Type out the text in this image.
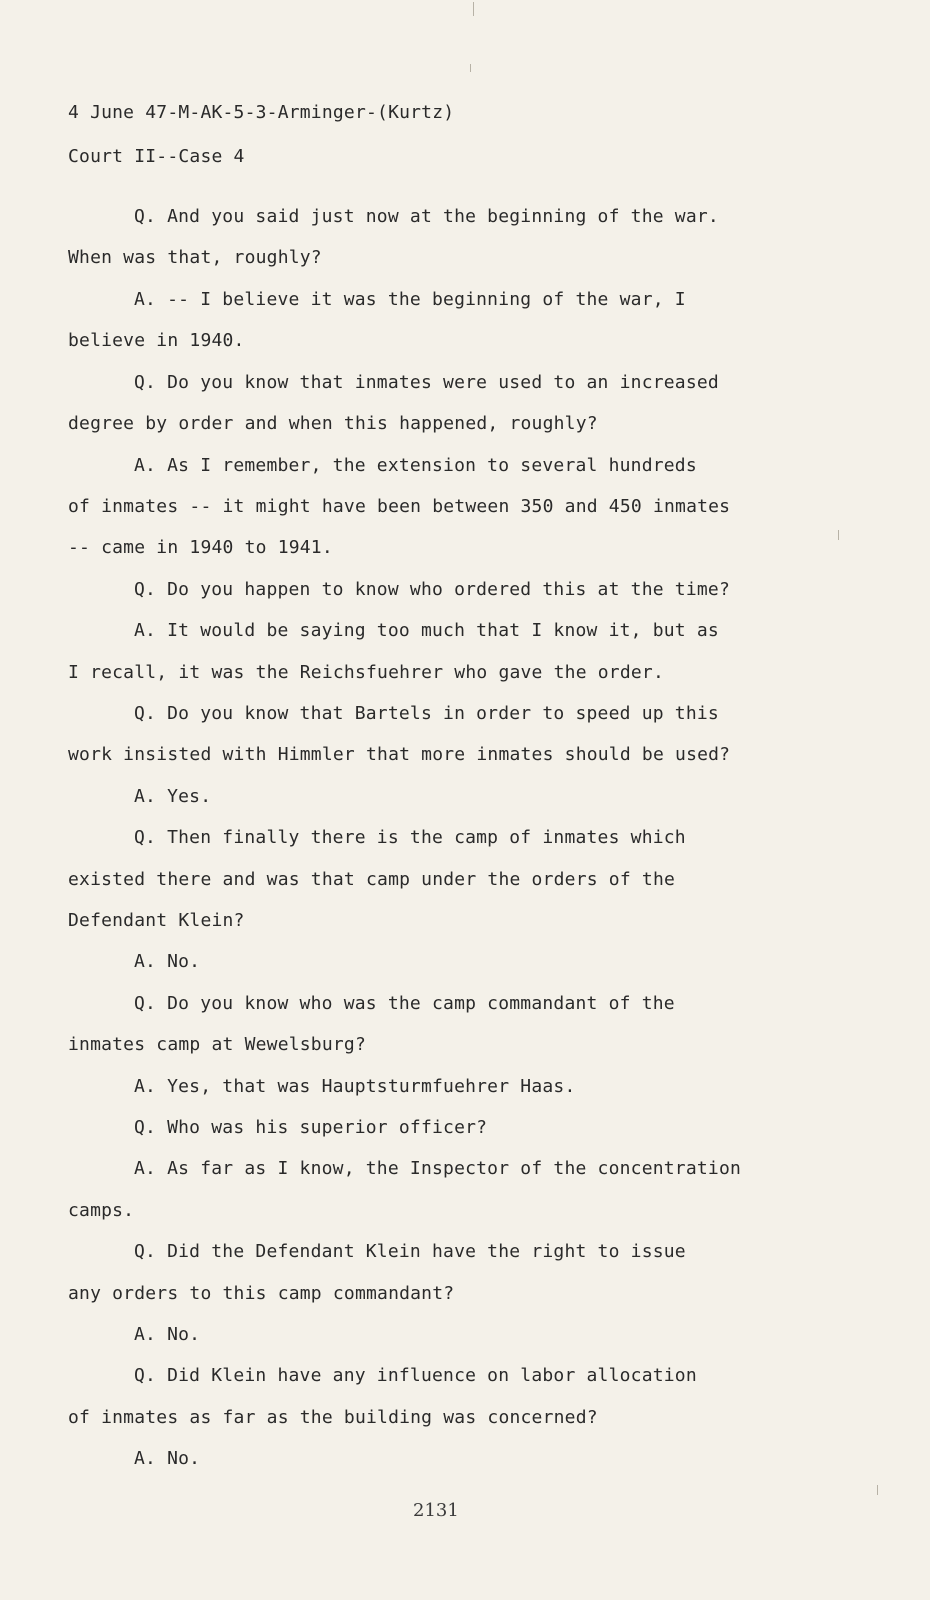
4 June 47-M-AK-5-3-Arminger-(Kurtz)
Court II--Case 4
Q. And you said just now at the beginning of the war.
When was that, roughly?
A. -- I believe it was the beginning of the war, I
believe in 1940.
Q. Do you know that inmates were used to an increased
degree by order and when this happened, roughly?
A. As I remember, the extension to several hundreds
of inmates -- it might have been between 350 and 450 inmates
-- came in 1940 to 1941.
Q. Do you happen to know who ordered this at the time?
A. It would be saying too much that I know it, but as
I recall, it was the Reichsfuehrer who gave the order.
Q. Do you know that Bartels in order to speed up this
work insisted with Himmler that more inmates should be used?
A. Yes.
Q. Then finally there is the camp of inmates which
existed there and was that camp under the orders of the
Defendant Klein?
A. No.
Q. Do you know who was the camp commandant of the
inmates camp at Wewelsburg?
A. Yes, that was Hauptsturmfuehrer Haas.
Q. Who was his superior officer?
A. As far as I know, the Inspector of the concentration
camps.
Q. Did the Defendant Klein have the right to issue
any orders to this camp commandant?
A. No.
Q. Did Klein have any influence on labor allocation
of inmates as far as the building was concerned?
A. No.
2131
